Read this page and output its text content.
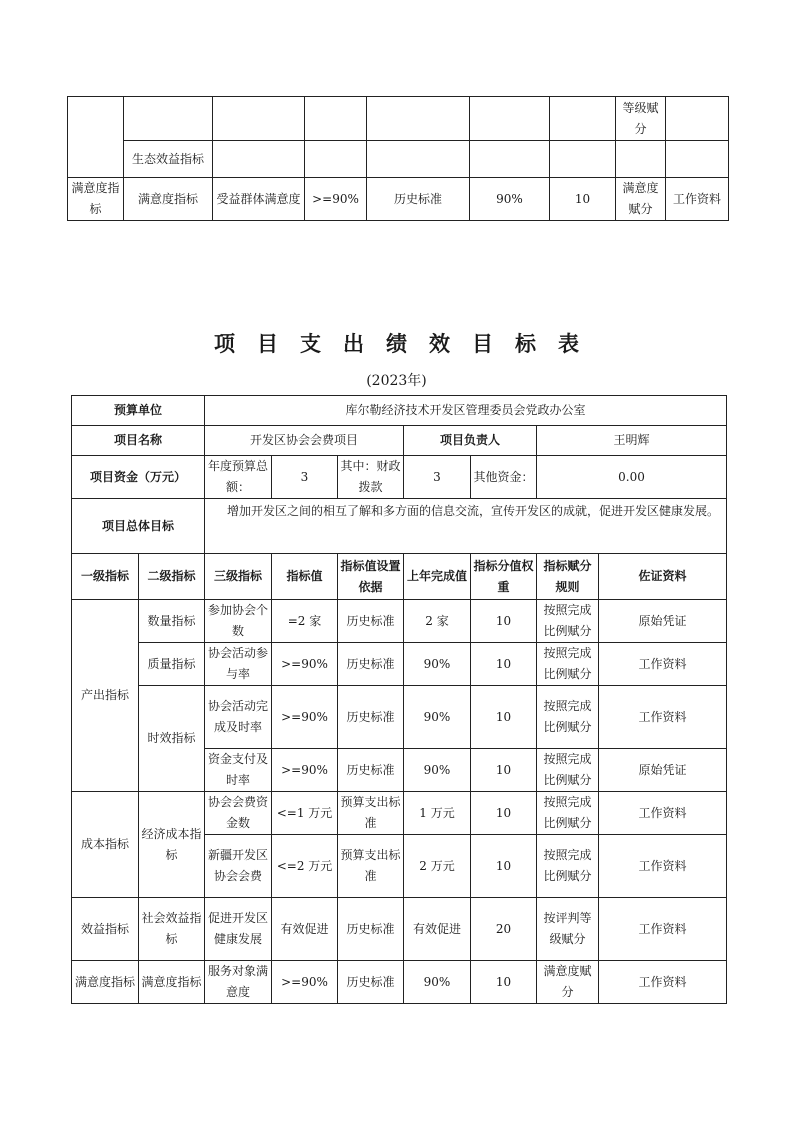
							等级赋分	
	生态效益指标							
满意度指标	满意度指标	受益群体满意度	>=90%	历史标准	90%	10	满意度赋分	工作资料
项目支出绩效目标表
(2023年)
预算单位		库尔勒经济技术开发区管理委员会党政办公室						
项目名称		开发区协会会费项目			项目负责人		王明辉	
项目资金（万元）		年度预算总额：	3	其中：财政拨款	3	其他资金：	0.00	
项目总体目标		增加开发区之间的相互了解和多方面的信息交流，宣传开发区的成就，促进开发区健康发展。						
一级指标	二级指标	三级指标	指标值	指标值设置依据	上年完成值	指标分值权重	指标赋分规则	佐证资料
产出指标	数量指标	参加协会个数	=2 家	历史标准	2 家	10	按照完成比例赋分	原始凭证
	质量指标	协会活动参与率	>=90%	历史标准	90%	10	按照完成比例赋分	工作资料
	时效指标	协会活动完成及时率	>=90%	历史标准	90%	10	按照完成比例赋分	工作资料
		资金支付及时率	>=90%	历史标准	90%	10	按照完成比例赋分	原始凭证
成本指标	经济成本指标	协会会费资金数	<=1 万元	预算支出标准	1 万元	10	按照完成比例赋分	工作资料
		新疆开发区协会会费	<=2 万元	预算支出标准	2 万元	10	按照完成比例赋分	工作资料
效益指标	社会效益指标	促进开发区健康发展	有效促进	历史标准	有效促进	20	按评判等级赋分	工作资料
满意度指标	满意度指标	服务对象满意度	>=90%	历史标准	90%	10	满意度赋分	工作资料
